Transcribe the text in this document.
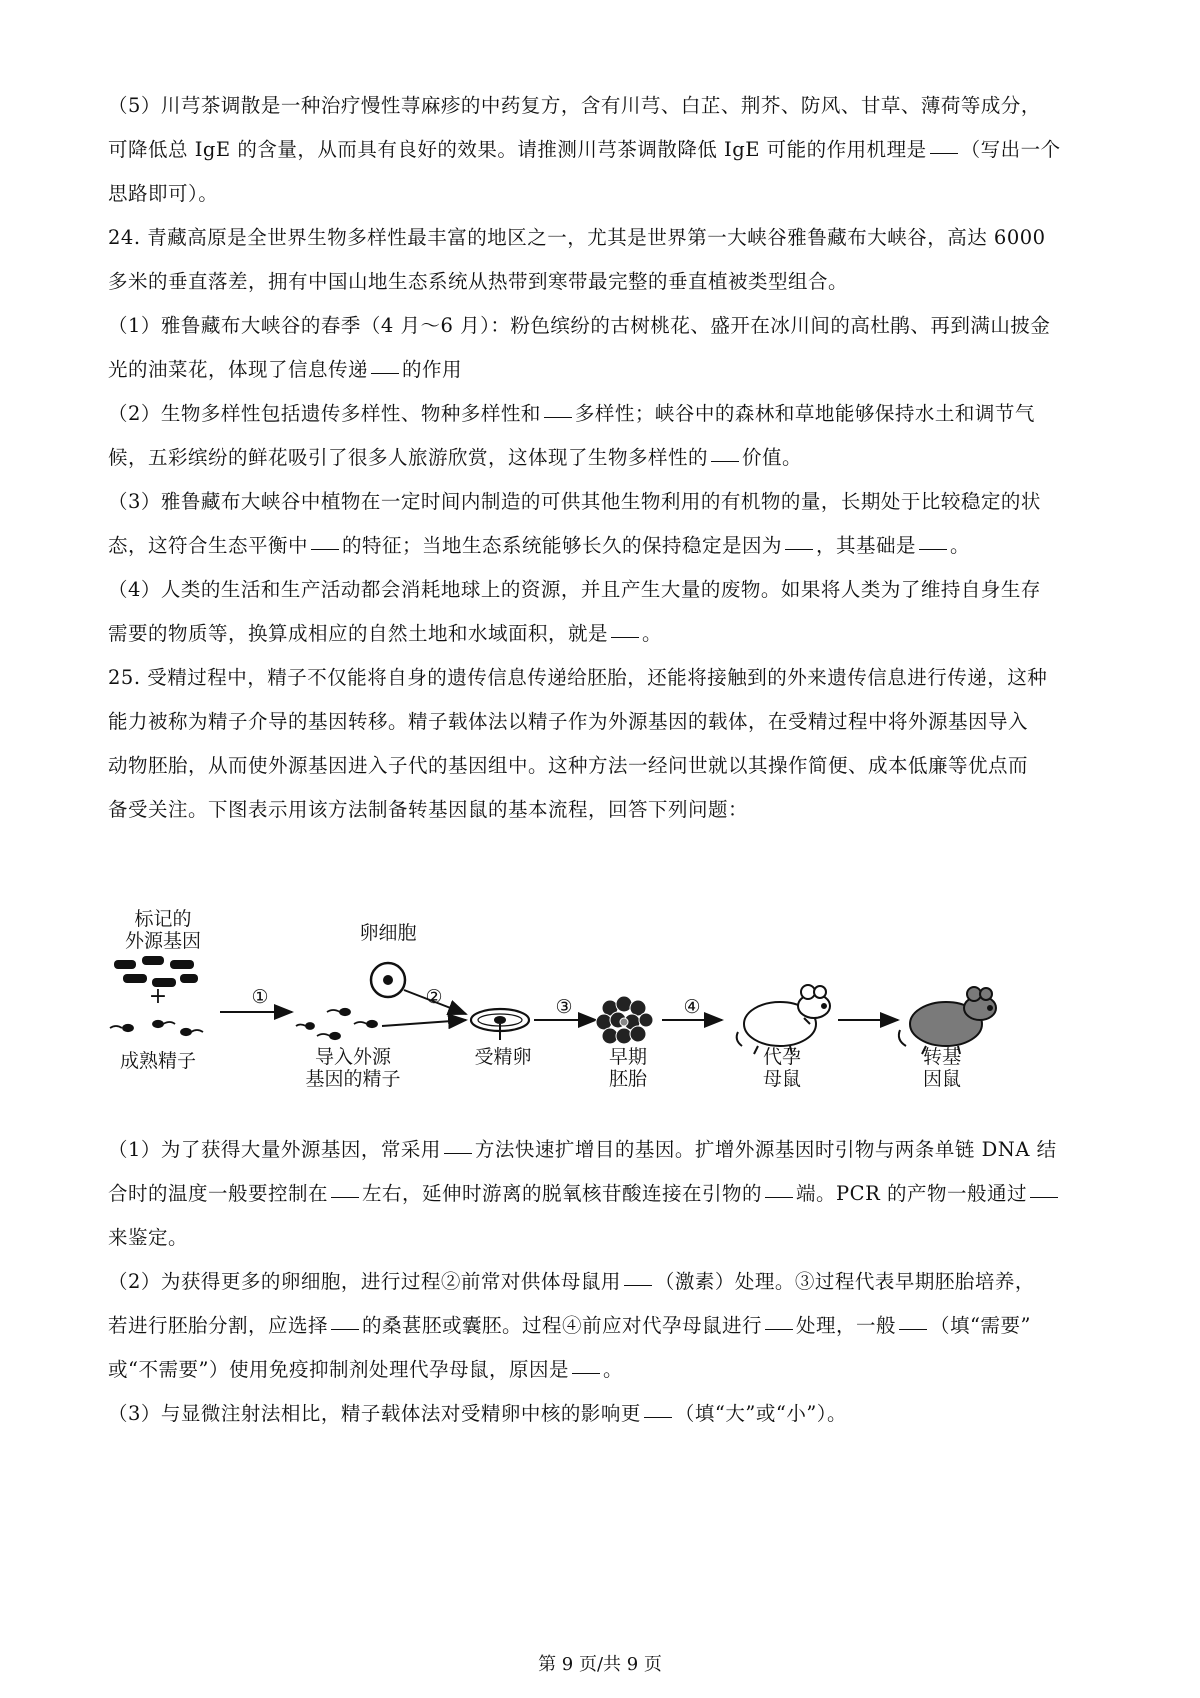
（5）川芎茶调散是一种治疗慢性荨麻疹的中药复方，含有川芎、白芷、荆芥、防风、甘草、薄荷等成分，
可降低总 IgE 的含量，从而具有良好的效果。请推测川芎茶调散降低 IgE 可能的作用机理是 （写出一个
思路即可）。
24. 青藏高原是全世界生物多样性最丰富的地区之一，尤其是世界第一大峡谷雅鲁藏布大峡谷，高达 6000
多米的垂直落差，拥有中国山地生态系统从热带到寒带最完整的垂直植被类型组合。
（1）雅鲁藏布大峡谷的春季（4 月～6 月）：粉色缤纷的古树桃花、盛开在冰川间的高杜鹃、再到满山披金
光的油菜花，体现了信息传递 的作用
（2）生物多样性包括遗传多样性、物种多样性和 多样性；峡谷中的森林和草地能够保持水土和调节气
候，五彩缤纷的鲜花吸引了很多人旅游欣赏，这体现了生物多样性的 价值。
（3）雅鲁藏布大峡谷中植物在一定时间内制造的可供其他生物利用的有机物的量，长期处于比较稳定的状
态，这符合生态平衡中 的特征；当地生态系统能够长久的保持稳定是因为 ，其基础是 。
（4）人类的生活和生产活动都会消耗地球上的资源，并且产生大量的废物。如果将人类为了维持自身生存
需要的物质等，换算成相应的自然土地和水域面积，就是 。
25. 受精过程中，精子不仅能将自身的遗传信息传递给胚胎，还能将接触到的外来遗传信息进行传递，这种
能力被称为精子介导的基因转移。精子载体法以精子作为外源基因的载体，在受精过程中将外源基因导入
动物胚胎，从而使外源基因进入子代的基因组中。这种方法一经问世就以其操作简便、成本低廉等优点而
备受关注。下图表示用该方法制备转基因鼠的基本流程，回答下列问题：
标记的
外源基因
+
成熟精子
卵细胞
①	②	③	④
导入外源
基因的精子
受精卵	早期
胚胎
代孕
母鼠
转基
因鼠
（1）为了获得大量外源基因，常采用 方法快速扩增目的基因。扩增外源基因时引物与两条单链 DNA 结
合时的温度一般要控制在 左右，延伸时游离的脱氧核苷酸连接在引物的 端。PCR 的产物一般通过
来鉴定。
（2）为获得更多的卵细胞，进行过程②前常对供体母鼠用 （激素）处理。③过程代表早期胚胎培养，
若进行胚胎分割，应选择 的桑葚胚或囊胚。过程④前应对代孕母鼠进行 处理，一般 （填“需要”
或“不需要”）使用免疫抑制剂处理代孕母鼠，原因是 。
（3）与显微注射法相比，精子载体法对受精卵中核的影响更 （填“大”或“小”）。
第 9 页/共 9 页
